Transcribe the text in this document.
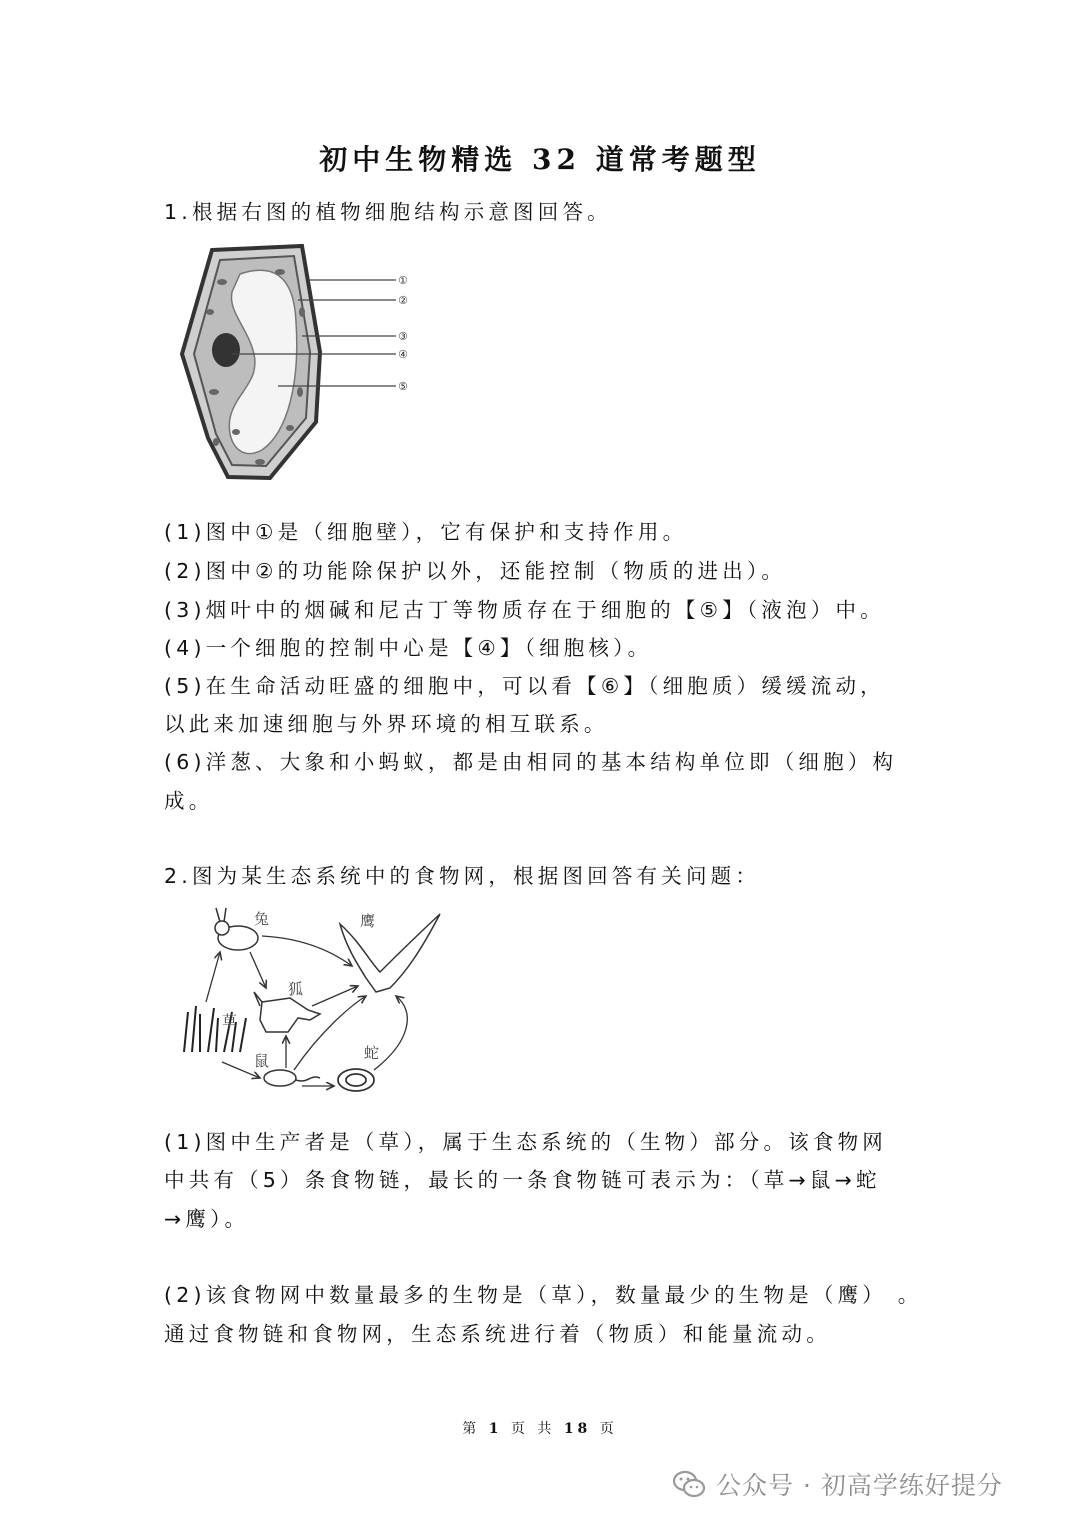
初中生物精选 32 道常考题型
1.根据右图的植物细胞结构示意图回答。
①
②
③
④
⑤
(1)图中①是（细胞壁），它有保护和支持作用。
(2)图中②的功能除保护以外，还能控制（物质的进出）。
(3)烟叶中的烟碱和尼古丁等物质存在于细胞的【⑤】（液泡）中。
(4)一个细胞的控制中心是【④】（细胞核）。
(5)在生命活动旺盛的细胞中，可以看【⑥】（细胞质）缓缓流动，
以此来加速细胞与外界环境的相互联系。
(6)洋葱、大象和小蚂蚁，都是由相同的基本结构单位即（细胞）构
成。
2.图为某生态系统中的食物网，根据图回答有关问题：
兔	鹰
狐
草
鼠	蛇
(1)图中生产者是（草），属于生态系统的（生物）部分。该食物网
中共有（5）条食物链，最长的一条食物链可表示为：（草→鼠→蛇
→鹰）。
(2)该食物网中数量最多的生物是（草），数量最少的生物是（鹰） 。
通过食物链和食物网，生态系统进行着（物质）和能量流动。
第 1 页 共 18 页
公众号 · 初高学练好提分
